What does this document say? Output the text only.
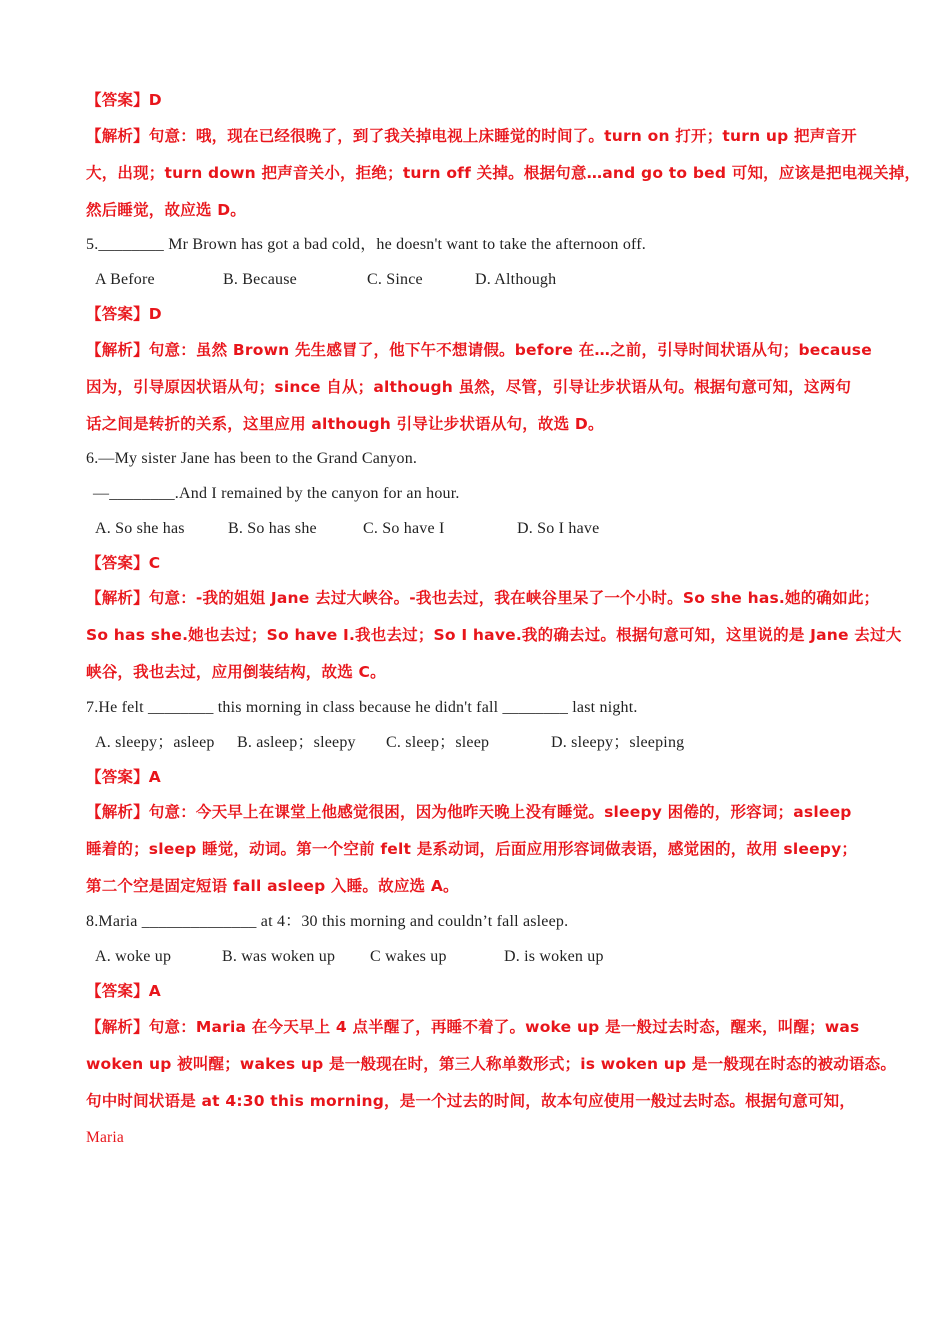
【答案】D
【解析】句意：哦，现在已经很晚了，到了我关掉电视上床睡觉的时间了。turn on 打开；turn up 把声音开
大，出现；turn down 把声音关小，拒绝；turn off 关掉。根据句意…and go to bed 可知，应该是把电视关掉，
然后睡觉，故应选 D。
5.________ Mr Brown has got a bad cold，he doesn't want to take the afternoon off.
A Before	B. Because	C. Since	D. Although
【答案】D
【解析】句意：虽然 Brown 先生感冒了，他下午不想请假。before 在…之前，引导时间状语从句；because
因为，引导原因状语从句；since 自从；although 虽然，尽管，引导让步状语从句。根据句意可知，这两句
话之间是转折的关系，这里应用 although 引导让步状语从句，故选 D。
6.—My sister Jane has been to the Grand Canyon.
—________.And I remained by the canyon for an hour.
A. So she has	B. So has she	C. So have I	D. So I have
【答案】C
【解析】句意：-我的姐姐 Jane 去过大峡谷。-我也去过，我在峡谷里呆了一个小时。So she has.她的确如此；
So has she.她也去过；So have I.我也去过；So I have.我的确去过。根据句意可知，这里说的是 Jane 去过大
峡谷，我也去过，应用倒装结构，故选 C。
7.He felt ________ this morning in class because he didn't fall ________ last night.
A. sleepy；asleep B. asleep；sleepy C. sleep；sleep	D. sleepy；sleeping
【答案】A
【解析】句意：今天早上在课堂上他感觉很困，因为他昨天晚上没有睡觉。sleepy 困倦的，形容词；asleep
睡着的；sleep 睡觉，动词。第一个空前 felt 是系动词，后面应用形容词做表语，感觉困的，故用 sleepy；
第二个空是固定短语 fall asleep 入睡。故应选 A。
8.Maria ______________ at 4：30 this morning and couldn’t fall asleep.
A. woke up	B. was woken up C wakes up	D. is woken up
【答案】A
【解析】句意：Maria 在今天早上 4 点半醒了，再睡不着了。woke up 是一般过去时态，醒来，叫醒；was
woken up 被叫醒；wakes up 是一般现在时，第三人称单数形式；is woken up 是一般现在时态的被动语态。
句中时间状语是 at 4:30 this morning，是一个过去的时间，故本句应使用一般过去时态。根据句意可知，
Maria
